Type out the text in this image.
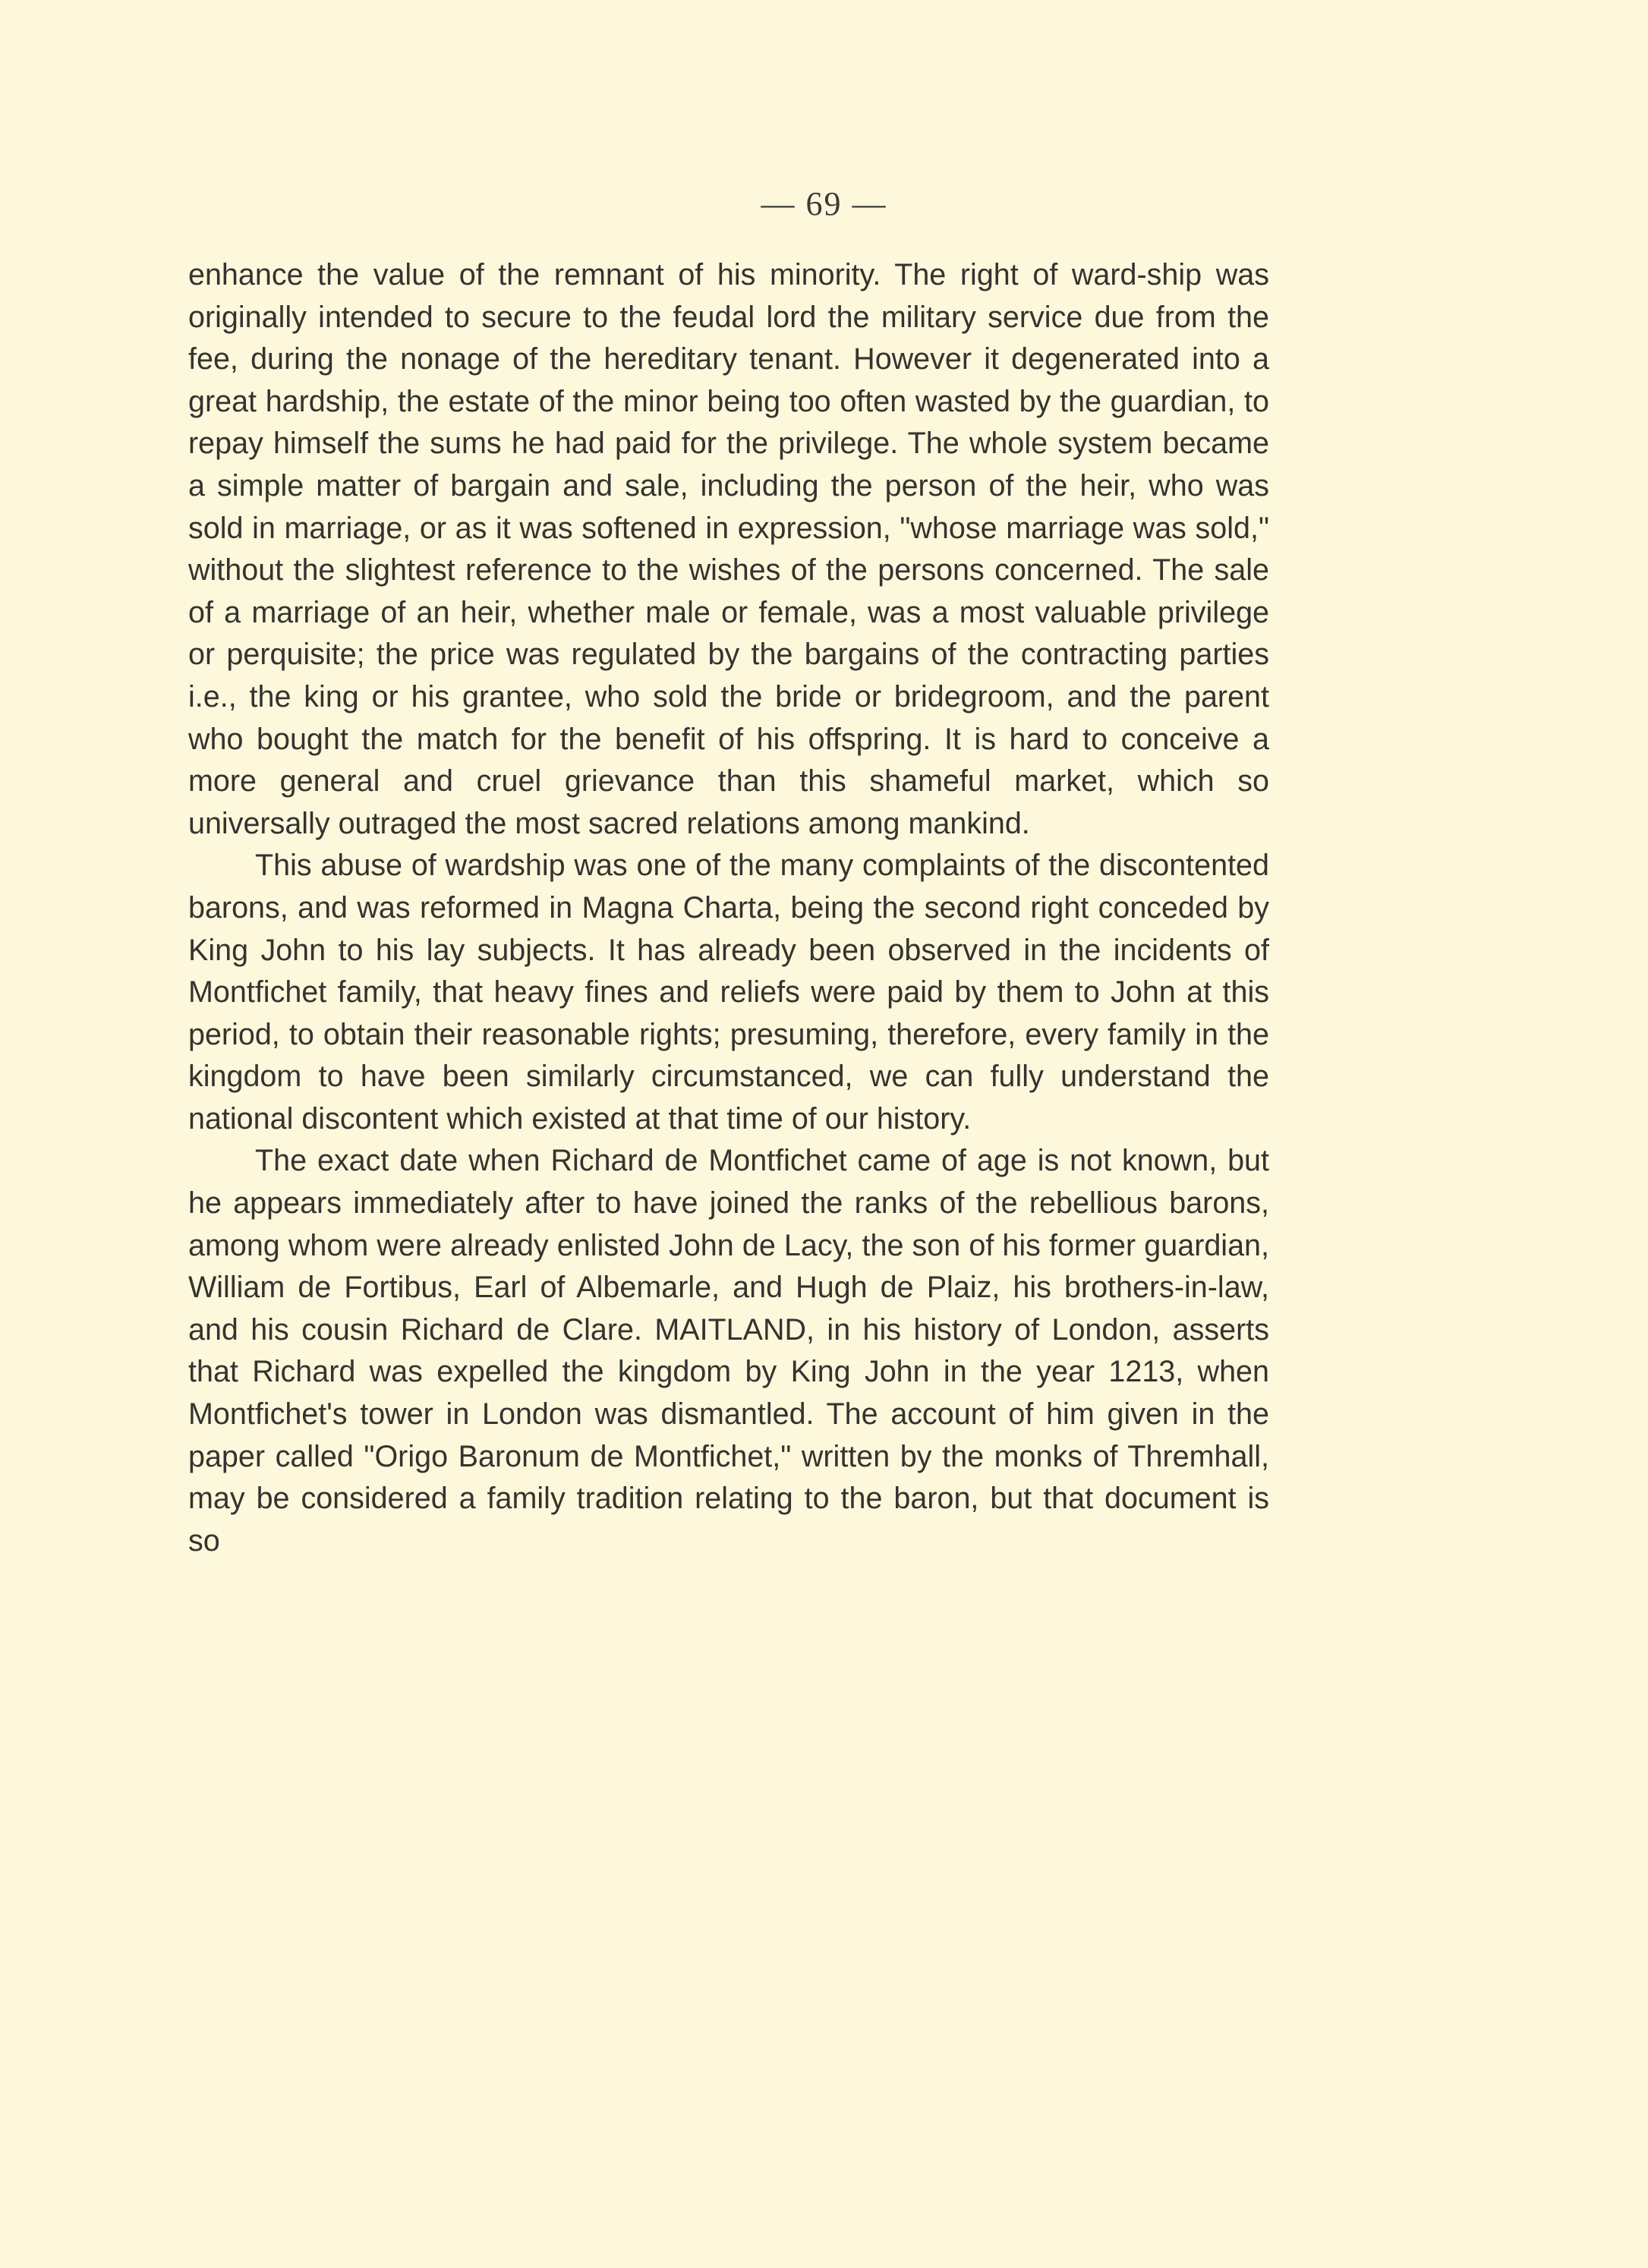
— 69 —

enhance the value of the remnant of his minority. The right of ward-ship was originally intended to secure to the feudal lord the military service due from the fee, during the nonage of the hereditary tenant. However it degenerated into a great hardship, the estate of the minor being too often wasted by the guardian, to repay himself the sums he had paid for the privilege. The whole system became a simple matter of bargain and sale, including the person of the heir, who was sold in marriage, or as it was softened in expression, "whose marriage was sold," without the slightest reference to the wishes of the persons concerned. The sale of a marriage of an heir, whether male or female, was a most valuable privilege or perquisite; the price was regulated by the bargains of the contracting parties i.e., the king or his grantee, who sold the bride or bridegroom, and the parent who bought the match for the benefit of his offspring. It is hard to conceive a more general and cruel grievance than this shameful market, which so universally outraged the most sacred relations among mankind.

This abuse of wardship was one of the many complaints of the discontented barons, and was reformed in Magna Charta, being the second right conceded by King John to his lay subjects. It has already been observed in the incidents of Montfichet family, that heavy fines and reliefs were paid by them to John at this period, to obtain their reasonable rights; presuming, therefore, every family in the kingdom to have been similarly circumstanced, we can fully understand the national discontent which existed at that time of our history.

The exact date when Richard de Montfichet came of age is not known, but he appears immediately after to have joined the ranks of the rebellious barons, among whom were already enlisted John de Lacy, the son of his former guardian, William de Fortibus, Earl of Albemarle, and Hugh de Plaiz, his brothers-in-law, and his cousin Richard de Clare. MAITLAND, in his history of London, asserts that Richard was expelled the kingdom by King John in the year 1213, when Montfichet's tower in London was dismantled. The account of him given in the paper called "Origo Baronum de Montfichet," written by the monks of Thremhall, may be considered a family tradition relating to the baron, but that document is so
